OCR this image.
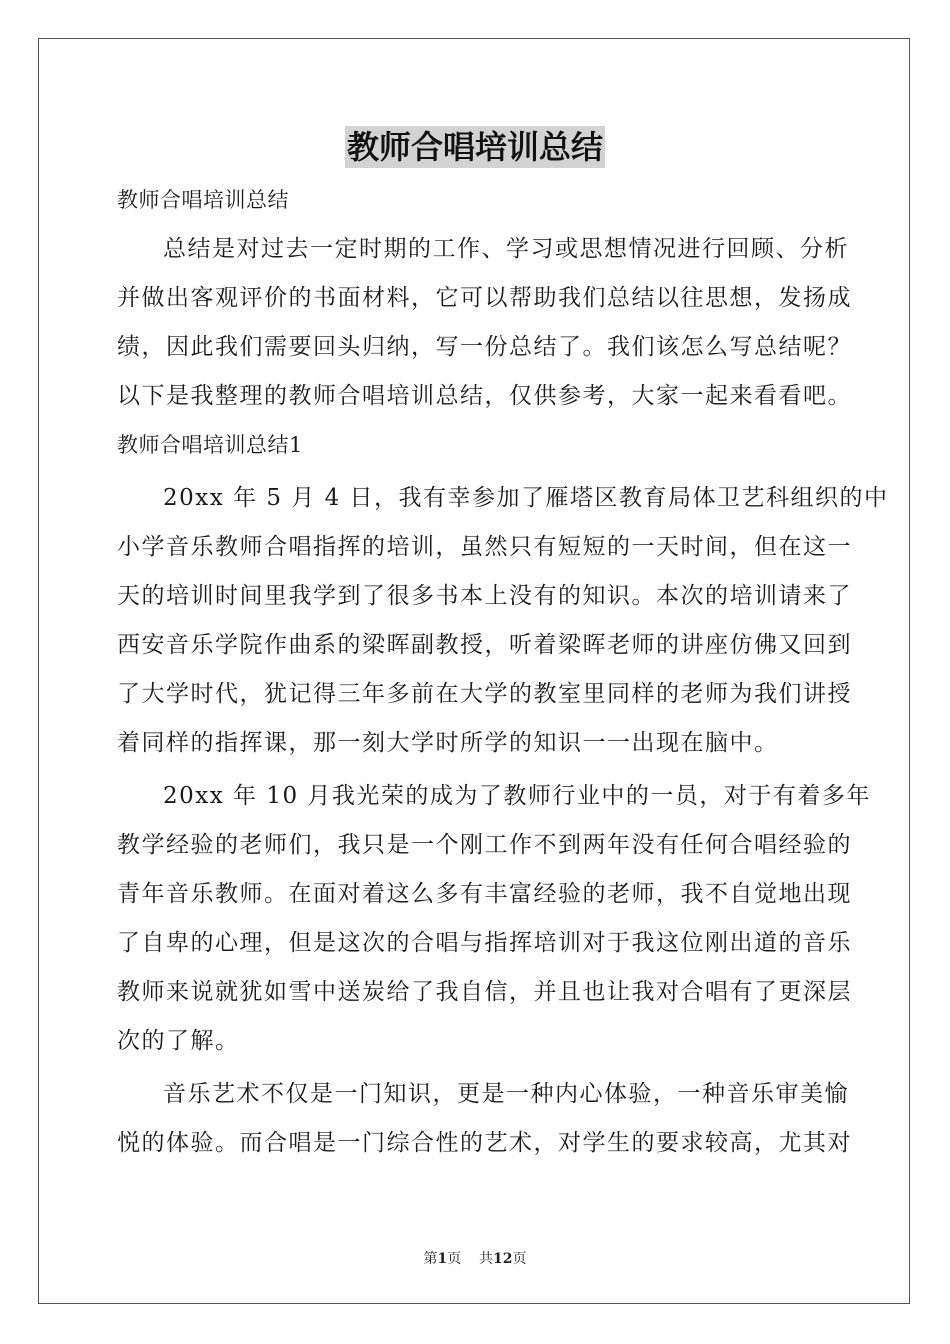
教师合唱培训总结
教师合唱培训总结
总结是对过去一定时期的工作、学习或思想情况进行回顾、分析
并做出客观评价的书面材料，它可以帮助我们总结以往思想，发扬成
绩，因此我们需要回头归纳，写一份总结了。我们该怎么写总结呢？
以下是我整理的教师合唱培训总结，仅供参考，大家一起来看看吧。
教师合唱培训总结1
20xx 年 5 月 4 日，我有幸参加了雁塔区教育局体卫艺科组织的中
小学音乐教师合唱指挥的培训，虽然只有短短的一天时间，但在这一
天的培训时间里我学到了很多书本上没有的知识。本次的培训请来了
西安音乐学院作曲系的梁晖副教授，听着梁晖老师的讲座仿佛又回到
了大学时代，犹记得三年多前在大学的教室里同样的老师为我们讲授
着同样的指挥课，那一刻大学时所学的知识一一出现在脑中。
20xx 年 10 月我光荣的成为了教师行业中的一员，对于有着多年
教学经验的老师们，我只是一个刚工作不到两年没有任何合唱经验的
青年音乐教师。在面对着这么多有丰富经验的老师，我不自觉地出现
了自卑的心理，但是这次的合唱与指挥培训对于我这位刚出道的音乐
教师来说就犹如雪中送炭给了我自信，并且也让我对合唱有了更深层
次的了解。
音乐艺术不仅是一门知识，更是一种内心体验，一种音乐审美愉
悦的体验。而合唱是一门综合性的艺术，对学生的要求较高，尤其对
第1页 共12页
